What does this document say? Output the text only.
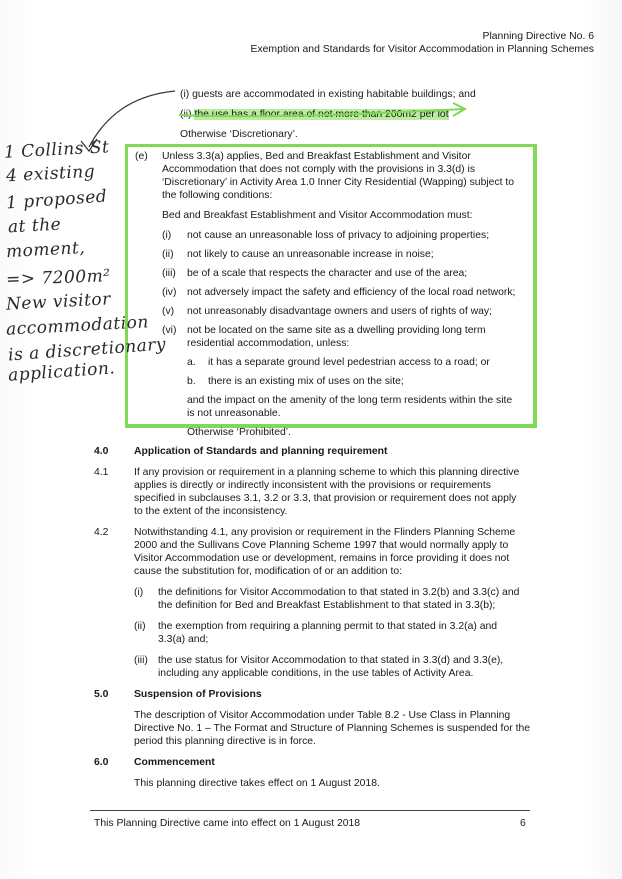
Planning Directive No. 6
Exemption and Standards for Visitor Accommodation in Planning Schemes
(i) guests are accommodated in existing habitable buildings; and
(ii) the use has a floor area of not more than 200m2 per lot
Otherwise ‘Discretionary’.
(e) Unless 3.3(a) applies, Bed and Breakfast Establishment and Visitor
Accommodation that does not comply with the provisions in 3.3(d) is
‘Discretionary’ in Activity Area 1.0 Inner City Residential (Wapping) subject to
the following conditions:
Bed and Breakfast Establishment and Visitor Accommodation must:
(i) not cause an unreasonable loss of privacy to adjoining properties;
(ii) not likely to cause an unreasonable increase in noise;
(iii) be of a scale that respects the character and use of the area;
(iv) not adversely impact the safety and efficiency of the local road network;
(v) not unreasonably disadvantage owners and users of rights of way;
(vi) not be located on the same site as a dwelling providing long term
residential accommodation, unless:
a. it has a separate ground level pedestrian access to a road; or
b. there is an existing mix of uses on the site;
and the impact on the amenity of the long term residents within the site
is not unreasonable.
Otherwise ‘Prohibited’.
4.0 Application of Standards and planning requirement
4.1 If any provision or requirement in a planning scheme to which this planning directive
applies is directly or indirectly inconsistent with the provisions or requirements
specified in subclauses 3.1, 3.2 or 3.3, that provision or requirement does not apply
to the extent of the inconsistency.
4.2 Notwithstanding 4.1, any provision or requirement in the Flinders Planning Scheme
2000 and the Sullivans Cove Planning Scheme 1997 that would normally apply to
Visitor Accommodation use or development, remains in force providing it does not
cause the substitution for, modification of or an addition to:
(i) the definitions for Visitor Accommodation to that stated in 3.2(b) and 3.3(c) and
the definition for Bed and Breakfast Establishment to that stated in 3.3(b);
(ii) the exemption from requiring a planning permit to that stated in 3.2(a) and
3.3(a) and;
(iii) the use status for Visitor Accommodation to that stated in 3.3(d) and 3.3(e),
including any applicable conditions, in the use tables of Activity Area.
5.0 Suspension of Provisions
The description of Visitor Accommodation under Table 8.2 - Use Class in Planning
Directive No. 1 – The Format and Structure of Planning Schemes is suspended for the
period this planning directive is in force.
6.0 Commencement
This planning directive takes effect on 1 August 2018.
This Planning Directive came into effect on 1 August 2018	6
1 Collins St
4 existing
1 proposed
at the
moment,
=> 7200m²
New visitor
accommodation
is a discretionary
application.
